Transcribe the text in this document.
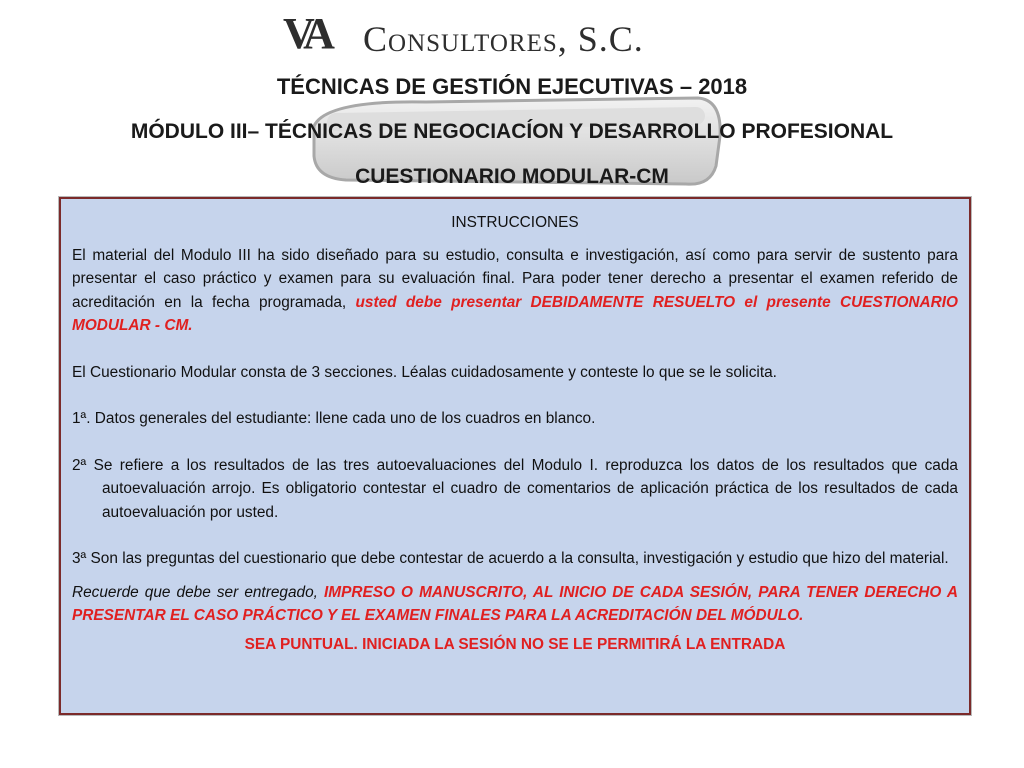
VA Consultores, S.C.
TÉCNICAS DE GESTIÓN EJECUTIVAS – 2018
MÓDULO III– TÉCNICAS DE NEGOCIACÍON Y DESARROLLO PROFESIONAL
CUESTIONARIO MODULAR-CM

INSTRUCCIONES

El material del Modulo III ha sido diseñado para su estudio, consulta e investigación, así como para servir de sustento para presentar el caso práctico y examen para su evaluación final. Para poder tener derecho a presentar el examen referido de acreditación en la fecha programada, usted debe presentar DEBIDAMENTE RESUELTO el presente CUESTIONARIO MODULAR - CM.

El Cuestionario Modular consta de 3 secciones. Léalas cuidadosamente y conteste lo que se le solicita.

1ª. Datos generales del estudiante: llene cada uno de los cuadros en blanco.

2ª Se refiere a los resultados de las tres autoevaluaciones del Modulo I. reproduzca los datos de los resultados que cada autoevaluación arrojo. Es obligatorio contestar el cuadro de comentarios de aplicación práctica de los resultados de cada autoevaluación por usted.

3ª Son las preguntas del cuestionario que debe contestar de acuerdo a la consulta, investigación y estudio que hizo del material.

Recuerde que debe ser entregado, IMPRESO O MANUSCRITO, AL INICIO DE CADA SESIÓN, PARA TENER DERECHO A PRESENTAR EL CASO PRÁCTICO Y EL EXAMEN FINALES PARA LA ACREDITACIÓN DEL MÓDULO.

SEA PUNTUAL. INICIADA LA SESIÓN NO SE LE PERMITIRÁ LA ENTRADA
